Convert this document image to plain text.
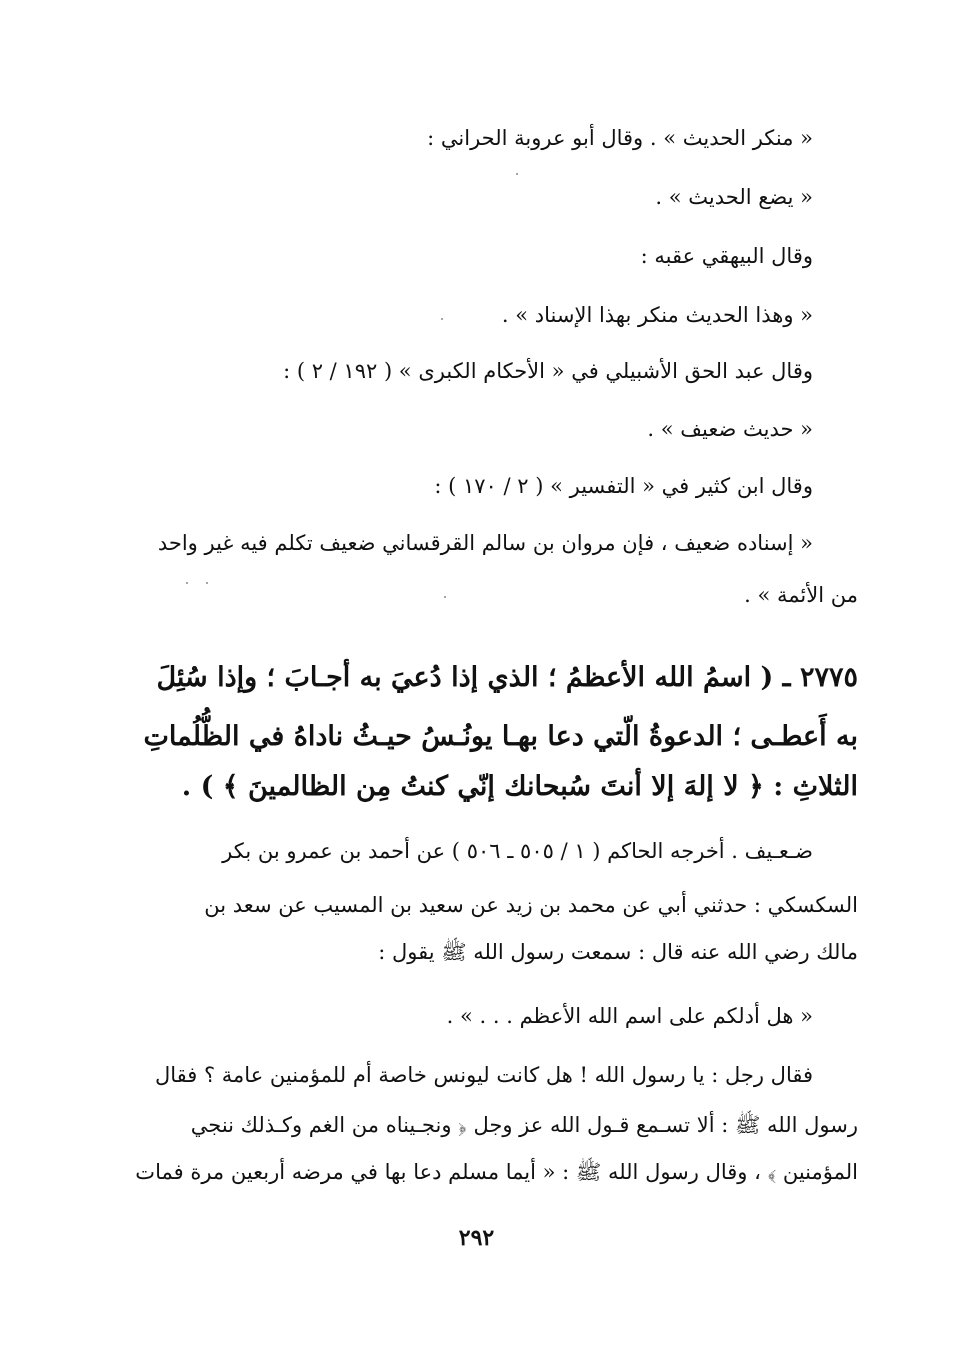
« منكر الحديث » . وقال أبو عروبة الحراني :
« يضع الحديث » .
وقال البيهقي عقبه :
« وهذا الحديث منكر بهذا الإسناد » .
وقال عبد الحق الأشبيلي في « الأحكام الكبرى » ( ١٩٢ / ٢ ) :
« حديث ضعيف » .
وقال ابن كثير في « التفسير » ( ٢ / ١٧٠ ) :
« إسناده ضعيف ، فإن مروان بن سالم القرقساني ضعيف تكلم فيه غير واحد
من الأئمة » .
٢٧٧٥ ـ ( اسمُ الله الأعظمُ ؛ الذي إذا دُعيَ به أجـابَ ؛ وإذا سُئِلَ
به أَعطـى ؛ الدعوةُ الّتي دعا بهـا يونُـسُ حيـثُ ناداهُ في الظُّلُماتِ
الثلاثِ : ﴿ لا إلهَ إلا أنتَ سُبحانك إنّي كنتُ مِن الظالمينَ ﴾ ) .
ضـعـيف . أخرجه الحاكم ( ١ / ٥٠٥ ـ ٥٠٦ ) عن أحمد بن عمرو بن بكر
السكسكي : حدثني أبي عن محمد بن زيد عن سعيد بن المسيب عن سعد بن
مالك رضي الله عنه قال : سمعت رسول الله ﷺ يقول :
« هل أدلكم على اسم الله الأعظم . . . » .
فقال رجل : يا رسول الله ! هل كانت ليونس خاصة أم للمؤمنين عامة ؟ فقال
رسول الله ﷺ : ألا تسـمع قـول الله عز وجل ﴿ ونجـيناه من الغم وكـذلك ننجي
المؤمنين ﴾ ، وقال رسول الله ﷺ : « أيما مسلم دعا بها في مرضه أربعين مرة فمات
٢٩٢
